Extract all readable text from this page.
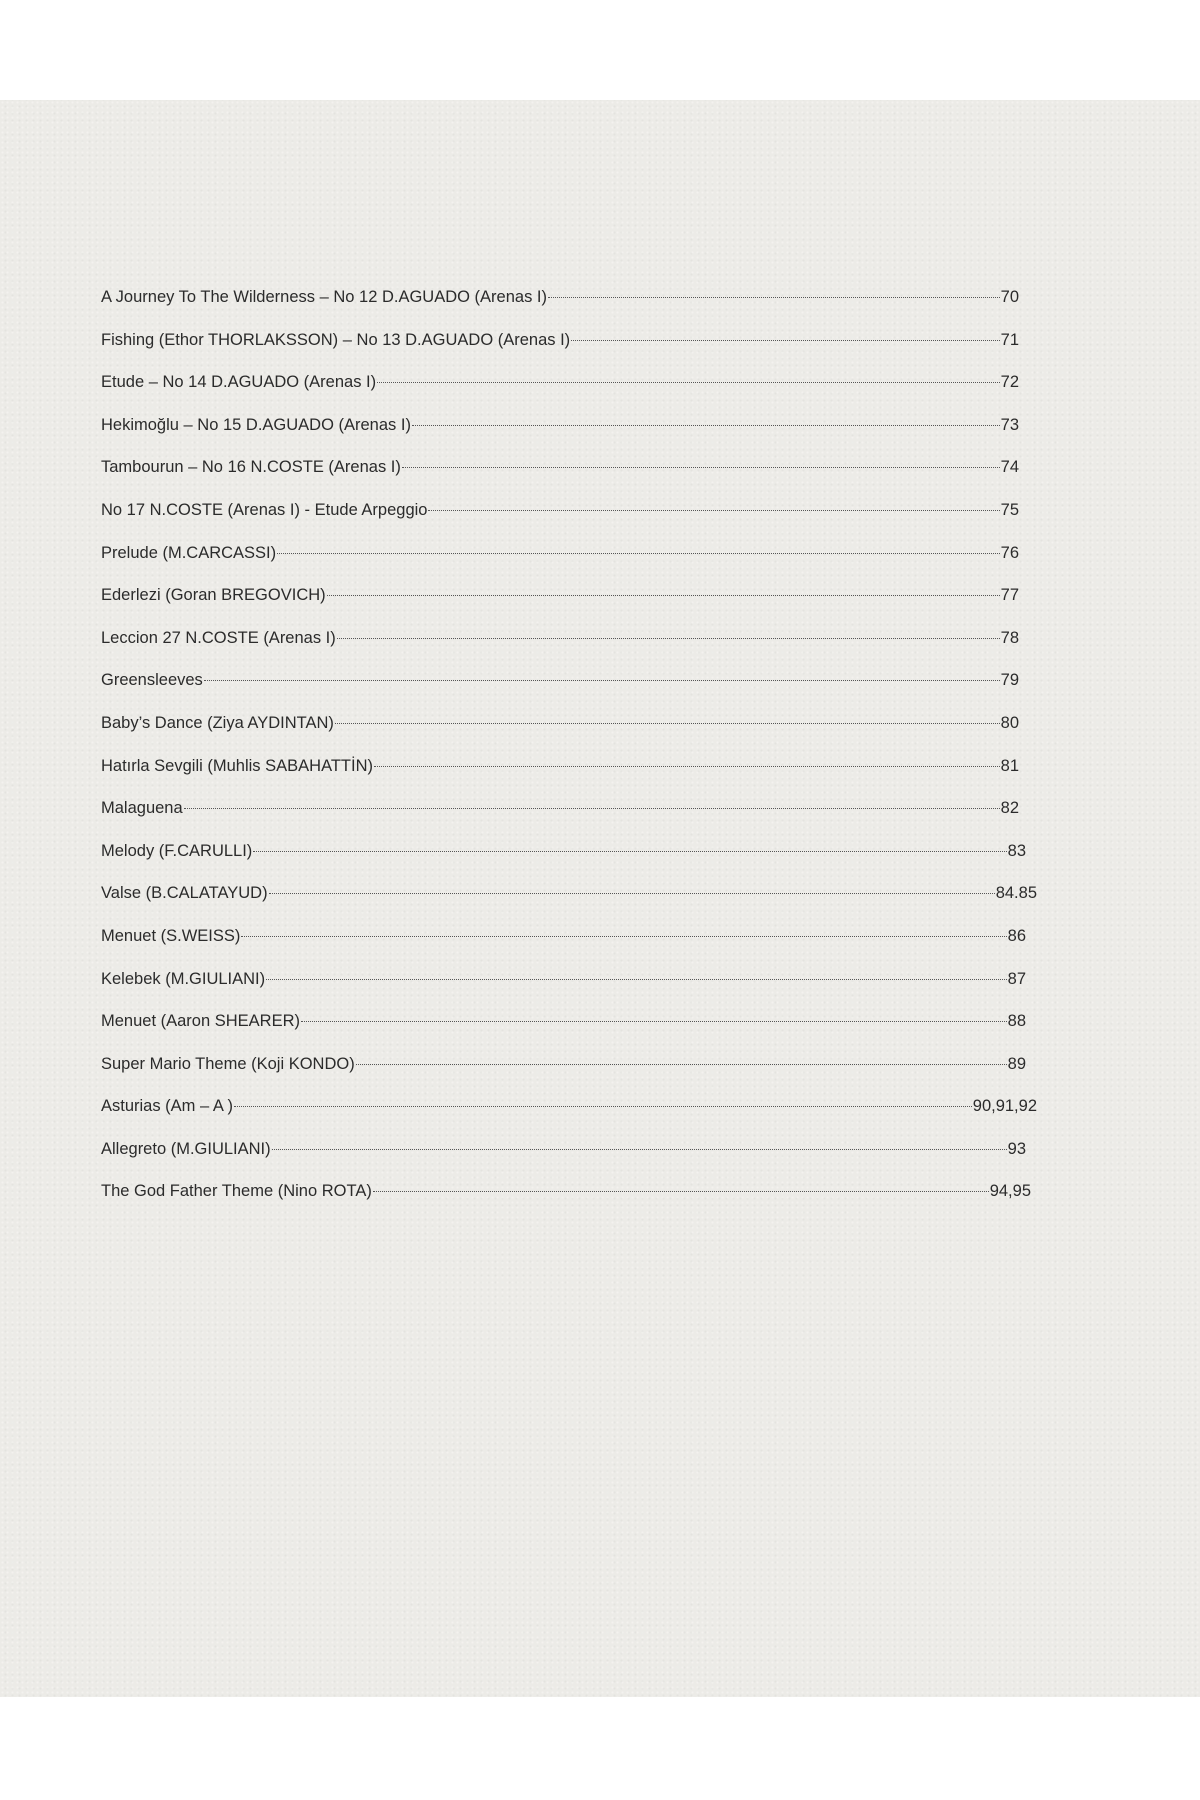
A Journey To The Wilderness – No 12 D.AGUADO (Arenas I)	70
Fishing (Ethor THORLAKSSON) – No 13 D.AGUADO (Arenas I)	71
Etude – No 14 D.AGUADO (Arenas I)	72
Hekimoğlu – No 15 D.AGUADO (Arenas I)	73
Tambourun – No 16 N.COSTE (Arenas I)	74
No 17 N.COSTE (Arenas I) - Etude Arpeggio	75
Prelude (M.CARCASSI)	76
Ederlezi (Goran BREGOVICH)	77
Leccion 27 N.COSTE (Arenas I)	78
Greensleeves	79
Baby’s Dance (Ziya AYDINTAN)	80
Hatırla Sevgili (Muhlis SABAHATTİN)	81
Malaguena	82
Melody (F.CARULLI)	83
Valse (B.CALATAYUD)	84.85
Menuet (S.WEISS)	86
Kelebek (M.GIULIANI)	87
Menuet (Aaron SHEARER)	88
Super Mario Theme (Koji KONDO)	89
Asturias (Am – A )	90,91,92
Allegreto (M.GIULIANI)	93
The God Father Theme (Nino ROTA)	94,95
